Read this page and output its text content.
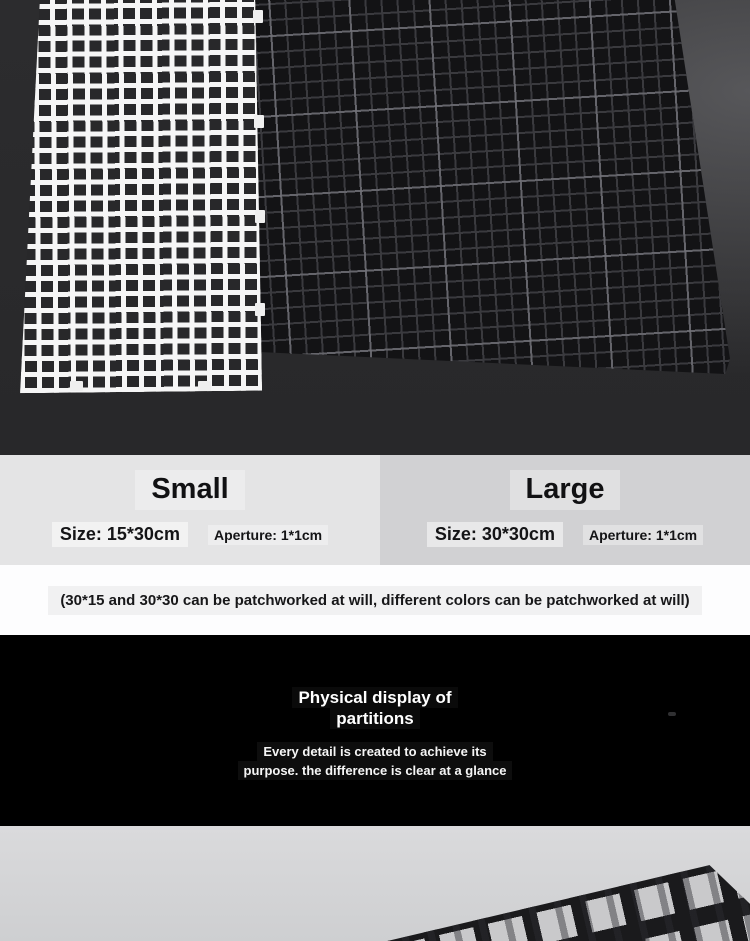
Small
Size: 15*30cm	Aperture: 1*1cm
Large
Size: 30*30cm	Aperture: 1*1cm

(30*15 and 30*30 can be patchworked at will, different colors can be patchworked at will)

Physical display of
partitions

Every detail is created to achieve its
purpose. the difference is clear at a glance
